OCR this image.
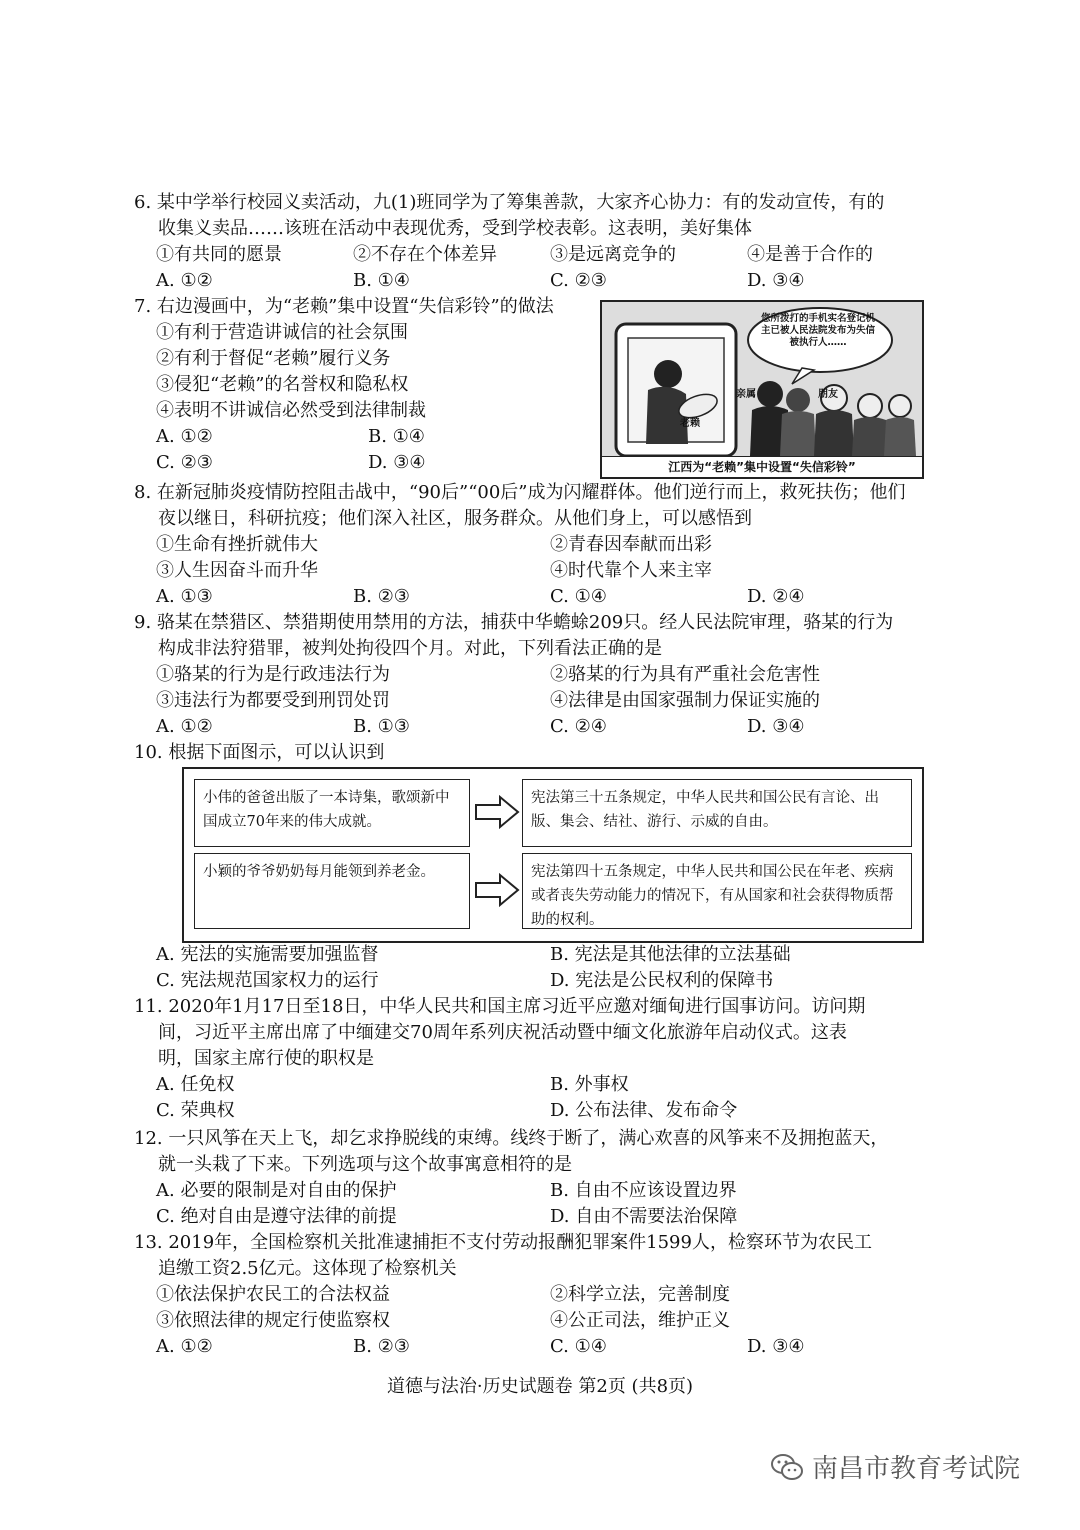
6. 某中学举行校园义卖活动，九(1)班同学为了筹集善款，大家齐心协力：有的发动宣传，有的
收集义卖品……该班在活动中表现优秀，受到学校表彰。这表明，美好集体
①有共同的愿景	②不存在个体差异	③是远离竞争的	④是善于合作的
A. ①②	B. ①④	C. ②③	D. ③④
7. 右边漫画中，为“老赖”集中设置“失信彩铃”的做法
①有利于营造讲诚信的社会氛围
②有利于督促“老赖”履行义务
③侵犯“老赖”的名誉权和隐私权
④表明不讲诚信必然受到法律制裁
A. ①②	B. ①④
C. ②③	D. ③④	江西为“老赖”集中设置“失信彩铃”
您所拨打的手机实名登记机主已被人民法院发布为失信被执行人……
亲属	朋友
老赖
8. 在新冠肺炎疫情防控阻击战中，“90后”“00后”成为闪耀群体。他们逆行而上，救死扶伤；他们
夜以继日，科研抗疫；他们深入社区，服务群众。从他们身上，可以感悟到
①生命有挫折就伟大	②青春因奉献而出彩
③人生因奋斗而升华	④时代靠个人来主宰
A. ①③	B. ②③	C. ①④	D. ②④
9. 骆某在禁猎区、禁猎期使用禁用的方法，捕获中华蟾蜍209只。经人民法院审理，骆某的行为
构成非法狩猎罪，被判处拘役四个月。对此，下列看法正确的是
①骆某的行为是行政违法行为	②骆某的行为具有严重社会危害性
③违法行为都要受到刑罚处罚	④法律是由国家强制力保证实施的
A. ①②	B. ①③	C. ②④	D. ③④
10. 根据下面图示，可以认识到
小伟的爸爸出版了一本诗集，歌颂新中国成立70年来的伟大成就。
宪法第三十五条规定，中华人民共和国公民有言论、出版、集会、结社、游行、示威的自由。
小颖的爷爷奶奶每月能领到养老金。	宪法第四十五条规定，中华人民共和国公民在年老、疾病或者丧失劳动能力的情况下，有从国家和社会获得物质帮助的权利。
A. 宪法的实施需要加强监督	B. 宪法是其他法律的立法基础
C. 宪法规范国家权力的运行	D. 宪法是公民权利的保障书
11. 2020年1月17日至18日，中华人民共和国主席习近平应邀对缅甸进行国事访问。访问期
间，习近平主席出席了中缅建交70周年系列庆祝活动暨中缅文化旅游年启动仪式。这表
明，国家主席行使的职权是
A. 任免权	B. 外事权
C. 荣典权	D. 公布法律、发布命令
12. 一只风筝在天上飞，却乞求挣脱线的束缚。线终于断了，满心欢喜的风筝来不及拥抱蓝天，
就一头栽了下来。下列选项与这个故事寓意相符的是
A. 必要的限制是对自由的保护	B. 自由不应该设置边界
C. 绝对自由是遵守法律的前提	D. 自由不需要法治保障
13. 2019年，全国检察机关批准逮捕拒不支付劳动报酬犯罪案件1599人，检察环节为农民工
追缴工资2.5亿元。这体现了检察机关
①依法保护农民工的合法权益	②科学立法，完善制度
③依照法律的规定行使监察权	④公正司法，维护正义
A. ①②	B. ②③	C. ①④	D. ③④
道德与法治·历史试题卷 第2页 (共8页)
南昌市教育考试院
